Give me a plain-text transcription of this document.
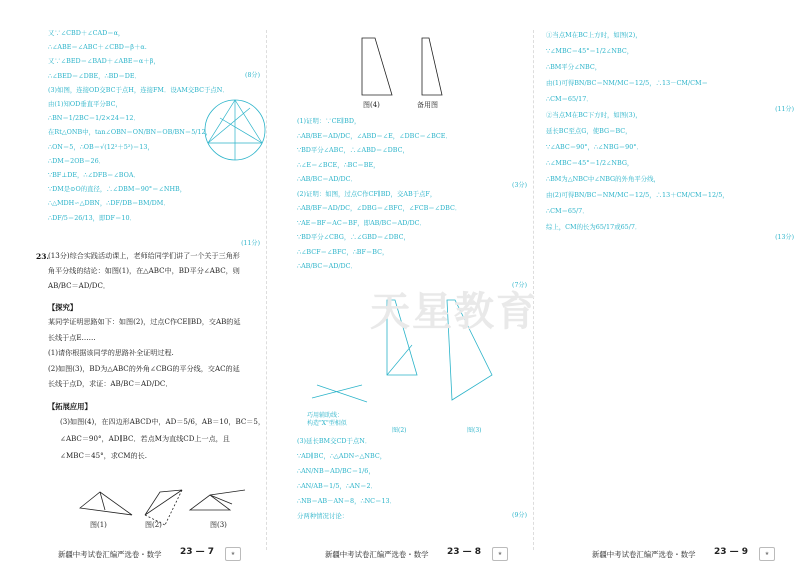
又∵∠CBD＋∠CAD＝α，
∴∠ABE＝∠ABC＋∠CBD＝β＋α.
又∵∠BED＝∠BAD＋∠ABE＝α＋β，
∴∠BED＝∠DBE，∴BD＝DE．
(3)如图，连接OD交BC于点H，连接FM．设AM交BC于点N．
由(1)知OD垂直平分BC，
∴BN＝1/2BC＝1/2×24＝12．
在Rt△ONB中，tan∠OBN＝ON/BN＝OB/BN＝5/12，
∴ON＝5，∴OB＝√(12²＋5²)＝13，
∴DM＝2OB＝26．
∵BF⊥DE，∴∠DFB＝∠BOA．
∵DM是⊙O的直径，∴∠DBM＝90°＝∠NHB，
∴△MDH∽△DBN，∴DF/DB＝BM/DM．
∴DF/5＝26/13，即DF＝10．
(8分)
(11分)
23.
(13分)综合实践活动课上，老师给同学们讲了一个关于三角形
角平分线的结论：如图(1)，在△ABC中，BD平分∠ABC，则
AB/BC＝AD/DC．
【探究】
某同学证明思路如下：如图(2)，过点C作CE∥BD，交AB的延
长线于点E……
(1)请你根据该同学的思路补全证明过程.
(2)如图(3)，BD为△ABC的外角∠CBG的平分线，交AC的延
长线于点D，求证：AB/BC＝AD/DC．
【拓展应用】
(3)如图(4)，在四边形ABCD中，AD＝5/6，AB＝10，BC＝5，
∠ABC＝90°，AD∥BC．若点M为直线CD上一点，且
∠MBC＝45°，求CM的长.
图(1)	图(2)	图(3)
新疆中考试卷汇编严选卷・数学 23 — 7	★
图(4)	备用图
(1)证明：∵CE∥BD，
∴AB/BE＝AD/DC，∠ABD＝∠E，∠DBC＝∠BCE．
∵BD平分∠ABC，∴∠ABD＝∠DBC，
∴∠E＝∠BCE，∴BC＝BE，
∴AB/BC＝AD/DC．
(2)证明：如图，过点C作CF∥BD，交AB于点F，
∴AB/BF＝AD/DC，∠DBG＝∠BFC，∠FCB＝∠DBC．
∵AE＝BF＝AC＝BF，即AB/BC＝AD/DC．
∵BD平分∠CBG，∴∠GBD＝∠DBC，
∴∠BCF＝∠BFC，∴BF＝BC，
∴AB/BC＝AD/DC．
(3分)
(7分)
巧用辅助线：
构造"X"型相似
图(2)	图(3)
(3)延长BM交CD于点N．
∵AD∥BC，∴△ADN∽△NBC，
∴AN/NB＝AD/BC＝1/6，
∴AN/AB＝1/5，∴AN＝2．
∴NB＝AB－AN＝8，∴NC＝13．
分两种情况讨论：	(9分)
新疆中考试卷汇编严选卷・数学 23 — 8	★
①当点M在BC上方时，如图(2)，
∵∠MBC＝45°＝1/2∠NBC，
∴BM平分∠NBC，
由(1)可得BN/BC＝NM/MC＝12/5，∴13－CM/CM＝
∴CM＝65/17．
②当点M在BC下方时，如图(3)，
延长BC至点G，使BG＝BC，
∵∠ABC＝90°，∴∠NBG＝90°．
∴∠MBC＝45°＝1/2∠NBG，
∴BM为△NBC中∠NBG的外角平分线，
由(2)可得BN/BC＝NM/MC＝12/5，∴13＋CM/CM＝12/5，
∴CM＝65/7．
综上，CM的长为65/17或65/7．
(11分)
(13分)
新疆中考试卷汇编严选卷・数学 23 — 9	★
天星教育
